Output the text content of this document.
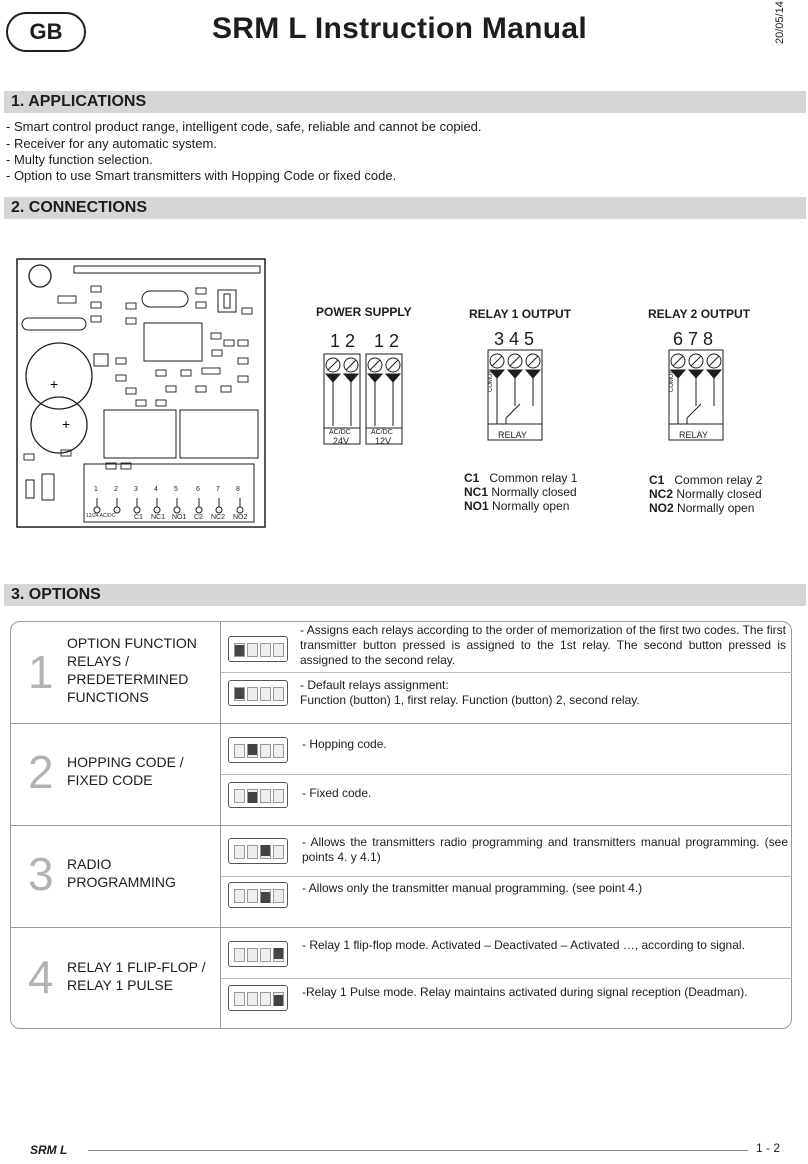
GB	SRM L Instruction Manual	20/05/14
1. APPLICATIONS
- Smart control product range, intelligent code, safe, reliable and cannot be copied.
- Receiver for any automatic system.
- Multy function selection.
- Option to use Smart transmitters with Hopping Code or fixed code.
2. CONNECTIONS
+
+
1 2 3 4 5	6 7 8
12/24 AC/DC	C1 NC1 NO1 C2 NC2 NO2
POWER SUPPLY
1 2 1 2
AC/DC
24V
AC/DC
12V
RELAY 1 OUTPUT
3 4 5
COMUN
RELAY
C1 Common relay 1
NC1 Normally closed
NO1 Normally open
RELAY 2 OUTPUT
6 7 8
COMUN
RELAY
C1 Common relay 2
NC2 Normally closed
NO2 Normally open
3. OPTIONS
1
OPTION FUNCTION
RELAYS /
PREDETERMINED
FUNCTIONS
- Assigns each relays according to the order of memorization of the first two codes. The first transmitter button pressed is assigned to the 1st relay. The second button pressed is assigned to the second relay.
- Default relays assignment:
Function (button) 1, first relay. Function (button) 2, second relay.
2 HOPPING CODE /
FIXED CODE
- Hopping code.
- Fixed code.
3 RADIO
PROGRAMMING
- Allows the transmitters radio programming and transmitters manual programming. (see points 4. y 4.1)
- Allows only the transmitter manual programming. (see point 4.)
4 RELAY 1 FLIP-FLOP /
RELAY 1 PULSE
- Relay 1 flip-flop mode. Activated – Deactivated – Activated …, according to signal.
-Relay 1 Pulse mode. Relay maintains activated during signal reception (Deadman).
SRM L	1 - 2
